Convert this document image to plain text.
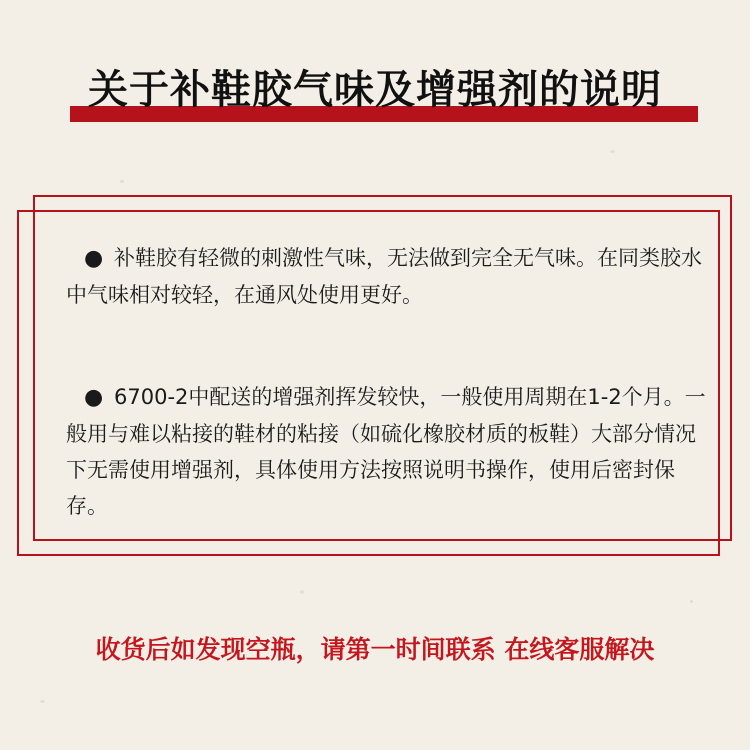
关于补鞋胶气味及增强剂的说明

● 补鞋胶有轻微的刺激性气味，无法做到完全无气味。在同类胶水中气味相对较轻，在通风处使用更好。

● 6700-2中配送的增强剂挥发较快，一般使用周期在1-2个月。一般用与难以粘接的鞋材的粘接（如硫化橡胶材质的板鞋）大部分情况下无需使用增强剂，具体使用方法按照说明书操作，使用后密封保存。

收货后如发现空瓶，请第一时间联系 在线客服解决
